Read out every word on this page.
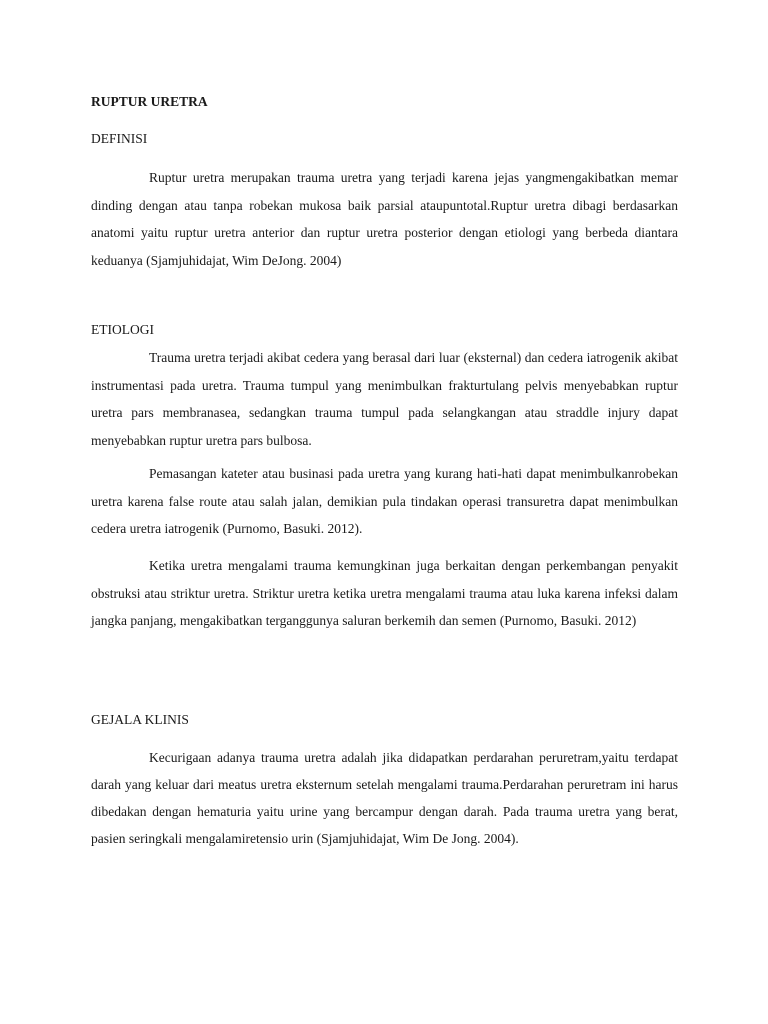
RUPTUR URETRA
DEFINISI

Ruptur uretra merupakan trauma uretra yang terjadi karena jejas yangmengakibatkan memar dinding dengan atau tanpa robekan mukosa baik parsial ataupuntotal.Ruptur uretra dibagi berdasarkan anatomi yaitu ruptur uretra anterior dan ruptur uretra posterior dengan etiologi yang berbeda diantara keduanya (Sjamjuhidajat, Wim DeJong. 2004)

ETIOLOGI

Trauma uretra terjadi akibat cedera yang berasal dari luar (eksternal) dan cedera iatrogenik akibat instrumentasi pada uretra. Trauma tumpul yang menimbulkan frakturtulang pelvis menyebabkan ruptur uretra pars membranasea, sedangkan trauma tumpul pada selangkangan atau straddle injury dapat menyebabkan ruptur uretra pars bulbosa.

Pemasangan kateter atau businasi pada uretra yang kurang hati-hati dapat menimbulkanrobekan uretra karena false route atau salah jalan, demikian pula tindakan operasi transuretra dapat menimbulkan cedera uretra iatrogenik (Purnomo, Basuki. 2012).

Ketika uretra mengalami trauma kemungkinan juga berkaitan dengan perkembangan penyakit obstruksi atau striktur uretra. Striktur uretra ketika uretra mengalami trauma atau luka karena infeksi dalam jangka panjang, mengakibatkan terganggunya saluran berkemih dan semen (Purnomo, Basuki. 2012)

GEJALA KLINIS

Kecurigaan adanya trauma uretra adalah jika didapatkan perdarahan peruretram,yaitu terdapat darah yang keluar dari meatus uretra eksternum setelah mengalami trauma.Perdarahan peruretram ini harus dibedakan dengan hematuria yaitu urine yang bercampur dengan darah. Pada trauma uretra yang berat, pasien seringkali mengalamiretensio urin (Sjamjuhidajat, Wim De Jong. 2004).
